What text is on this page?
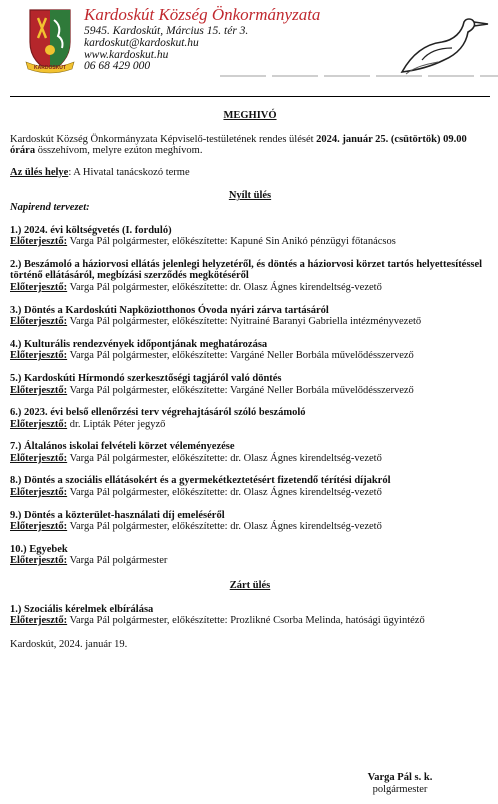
KARDOSKÚT
Kardoskút Község Önkormányzata
5945. Kardoskút, Március 15. tér 3.
kardoskut@kardoskut.hu
www.kardoskut.hu
06 68 429 000

MEGHIVÓ

Kardoskút Község Önkormányzata Képviselő-testületének rendes ülését 2024. január 25. (csütörtök) 09.00 órára összehívom, melyre ezúton meghívom.

Az ülés helye: A Hivatal tanácskozó terme

Nyílt ülés

Napirend tervezet:

1.) 2024. évi költségvetés (I. forduló)

Előterjesztő: Varga Pál polgármester, előkészítette: Kapuné Sin Anikó pénzügyi főtanácsos

2.) Beszámoló a háziorvosi ellátás jelenlegi helyzetéről, és döntés a háziorvosi körzet tartós helyettesítéssel történő ellátásáról, megbízási szerződés megkötéséről

Előterjesztő: Varga Pál polgármester, előkészítette: dr. Olasz Ágnes kirendeltség-vezető

3.) Döntés a Kardoskúti Napköziotthonos Óvoda nyári zárva tartásáról

Előterjesztő: Varga Pál polgármester, előkészítette: Nyitrainé Baranyi Gabriella intézményvezető

4.) Kulturális rendezvények időpontjának meghatározása

Előterjesztő: Varga Pál polgármester, előkészítette: Vargáné Neller Borbála művelődésszervező

5.) Kardoskúti Hírmondó szerkesztőségi tagjáról való döntés

Előterjesztő: Varga Pál polgármester, előkészítette: Vargáné Neller Borbála művelődésszervező

6.) 2023. évi belső ellenőrzési terv végrehajtásáról szóló beszámoló

Előterjesztő: dr. Lipták Péter jegyző

7.) Általános iskolai felvételi körzet véleményezése

Előterjesztő: Varga Pál polgármester, előkészítette: dr. Olasz Ágnes kirendeltség-vezető

8.) Döntés a szociális ellátásokért és a gyermekétkeztetésért fizetendő térítési díjakról

Előterjesztő: Varga Pál polgármester, előkészítette: dr. Olasz Ágnes kirendeltség-vezető

9.) Döntés a közterület-használati díj emeléséről

Előterjesztő: Varga Pál polgármester, előkészítette: dr. Olasz Ágnes kirendeltség-vezető

10.) Egyebek

Előterjesztő: Varga Pál polgármester

Zárt ülés

1.) Szociális kérelmek elbírálása

Előterjesztő: Varga Pál polgármester, előkészítette: Prozlikné Csorba Melinda, hatósági ügyintéző

Kardoskút, 2024. január 19.

Varga Pál s. k.
polgármester
